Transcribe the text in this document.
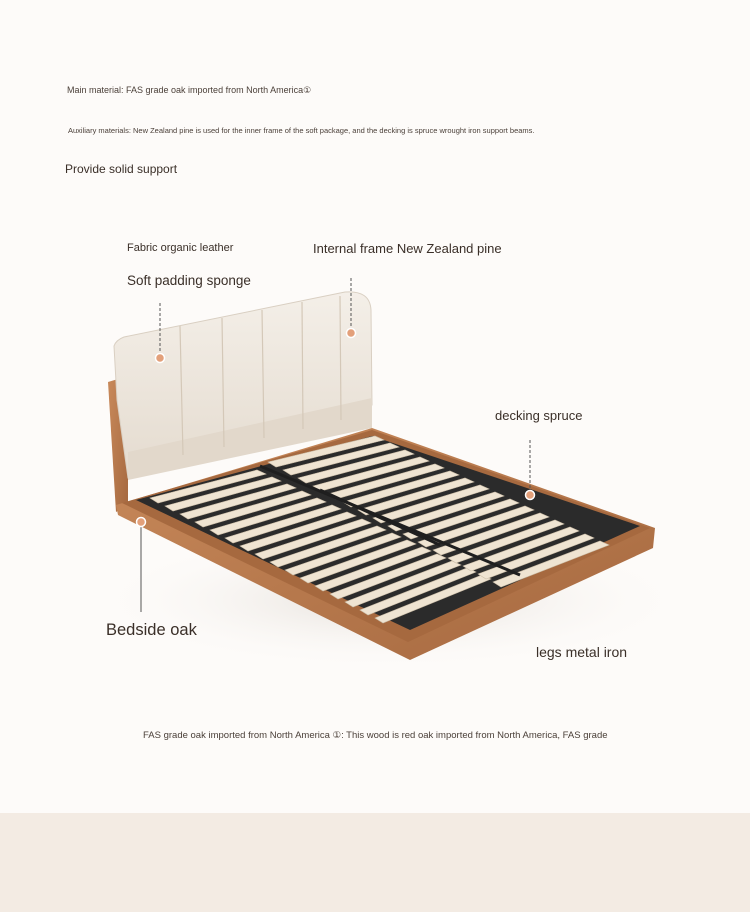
Main material: FAS grade oak imported from North America①
Auxiliary materials: New Zealand pine is used for the inner frame of the soft package, and the decking is spruce wrought iron support beams.
Provide solid support
Fabric organic leather
Soft padding sponge
Internal frame New Zealand pine
decking spruce
Bedside oak
legs metal iron
FAS grade oak imported from North America ①: This wood is red oak imported from North America, FAS grade
